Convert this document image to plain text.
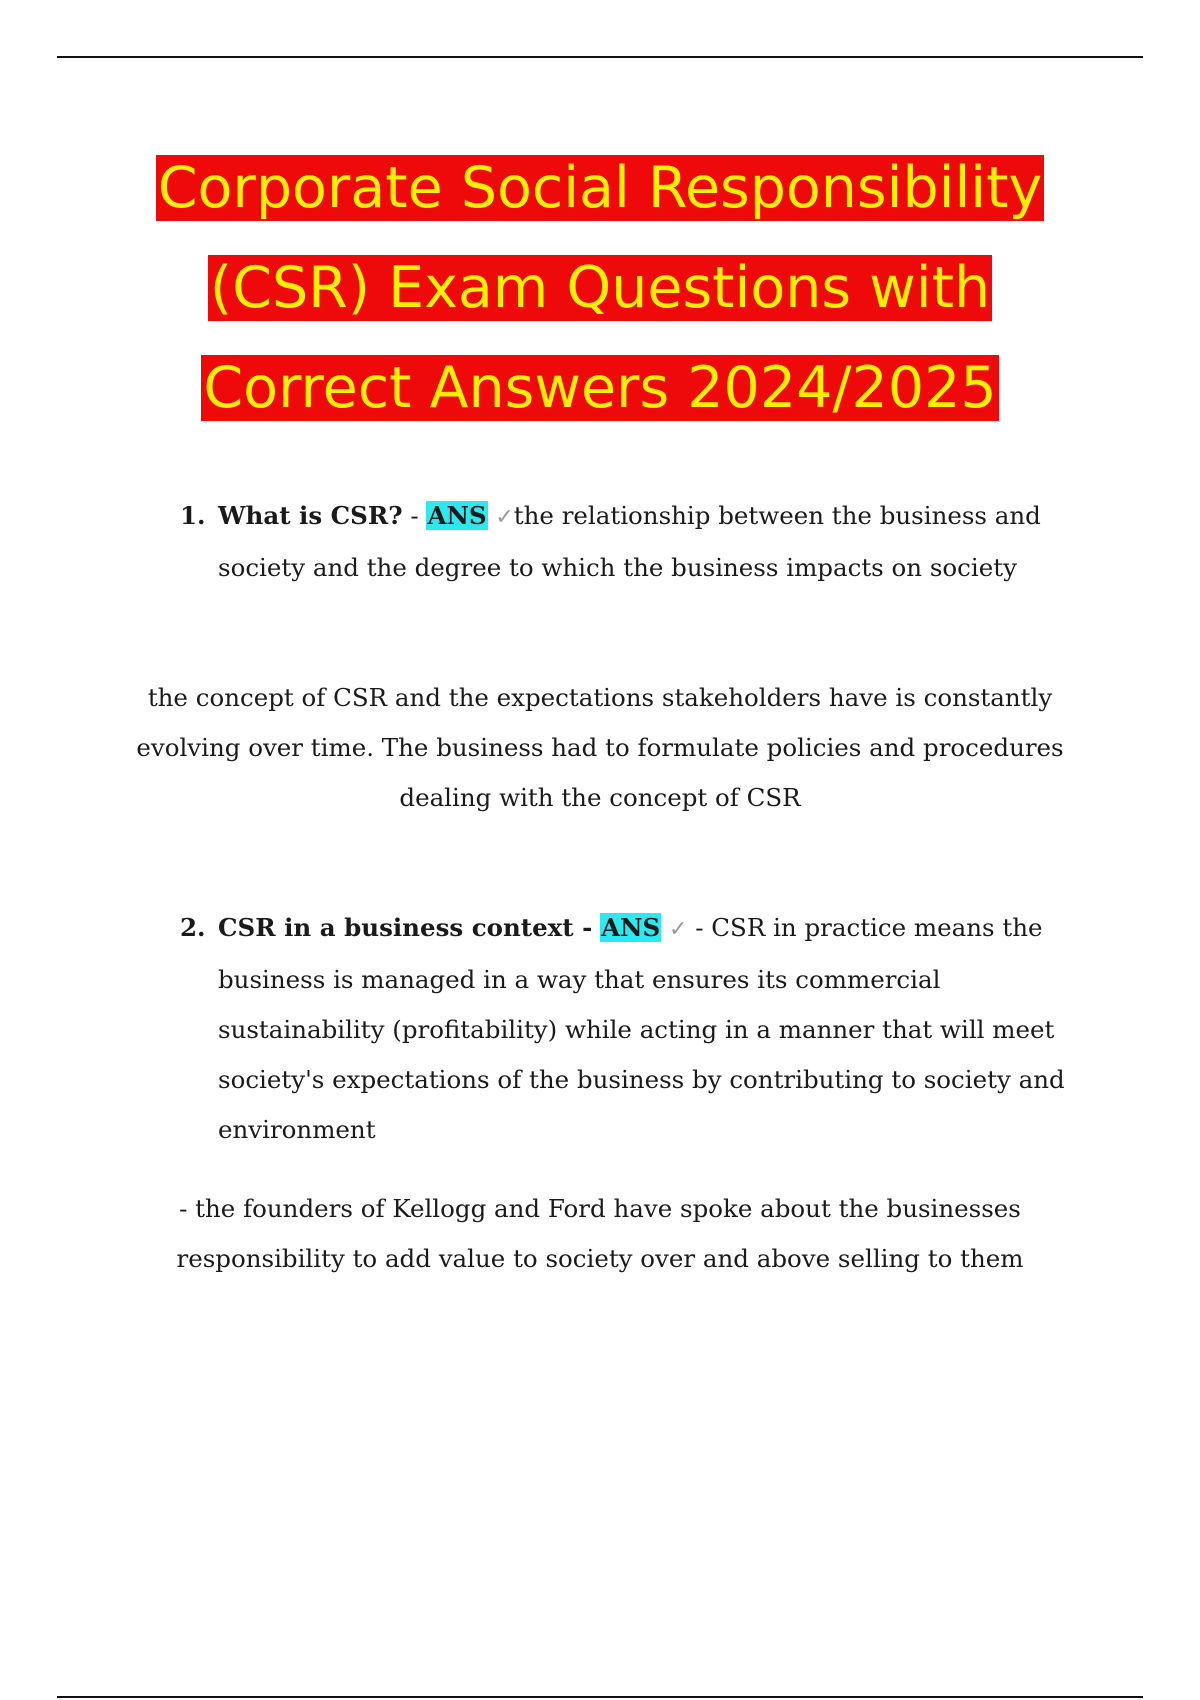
Corporate Social Responsibility
(CSR) Exam Questions with
Correct Answers 2024/2025
1. What is CSR? - ANS ✓the relationship between the business and society and the degree to which the business impacts on society
the concept of CSR and the expectations stakeholders have is constantly evolving over time. The business had to formulate policies and procedures dealing with the concept of CSR
2. CSR in a business context - ANS ✓ - CSR in practice means the business is managed in a way that ensures its commercial sustainability (profitability) while acting in a manner that will meet society's expectations of the business by contributing to society and environment
- the founders of Kellogg and Ford have spoke about the businesses responsibility to add value to society over and above selling to them
